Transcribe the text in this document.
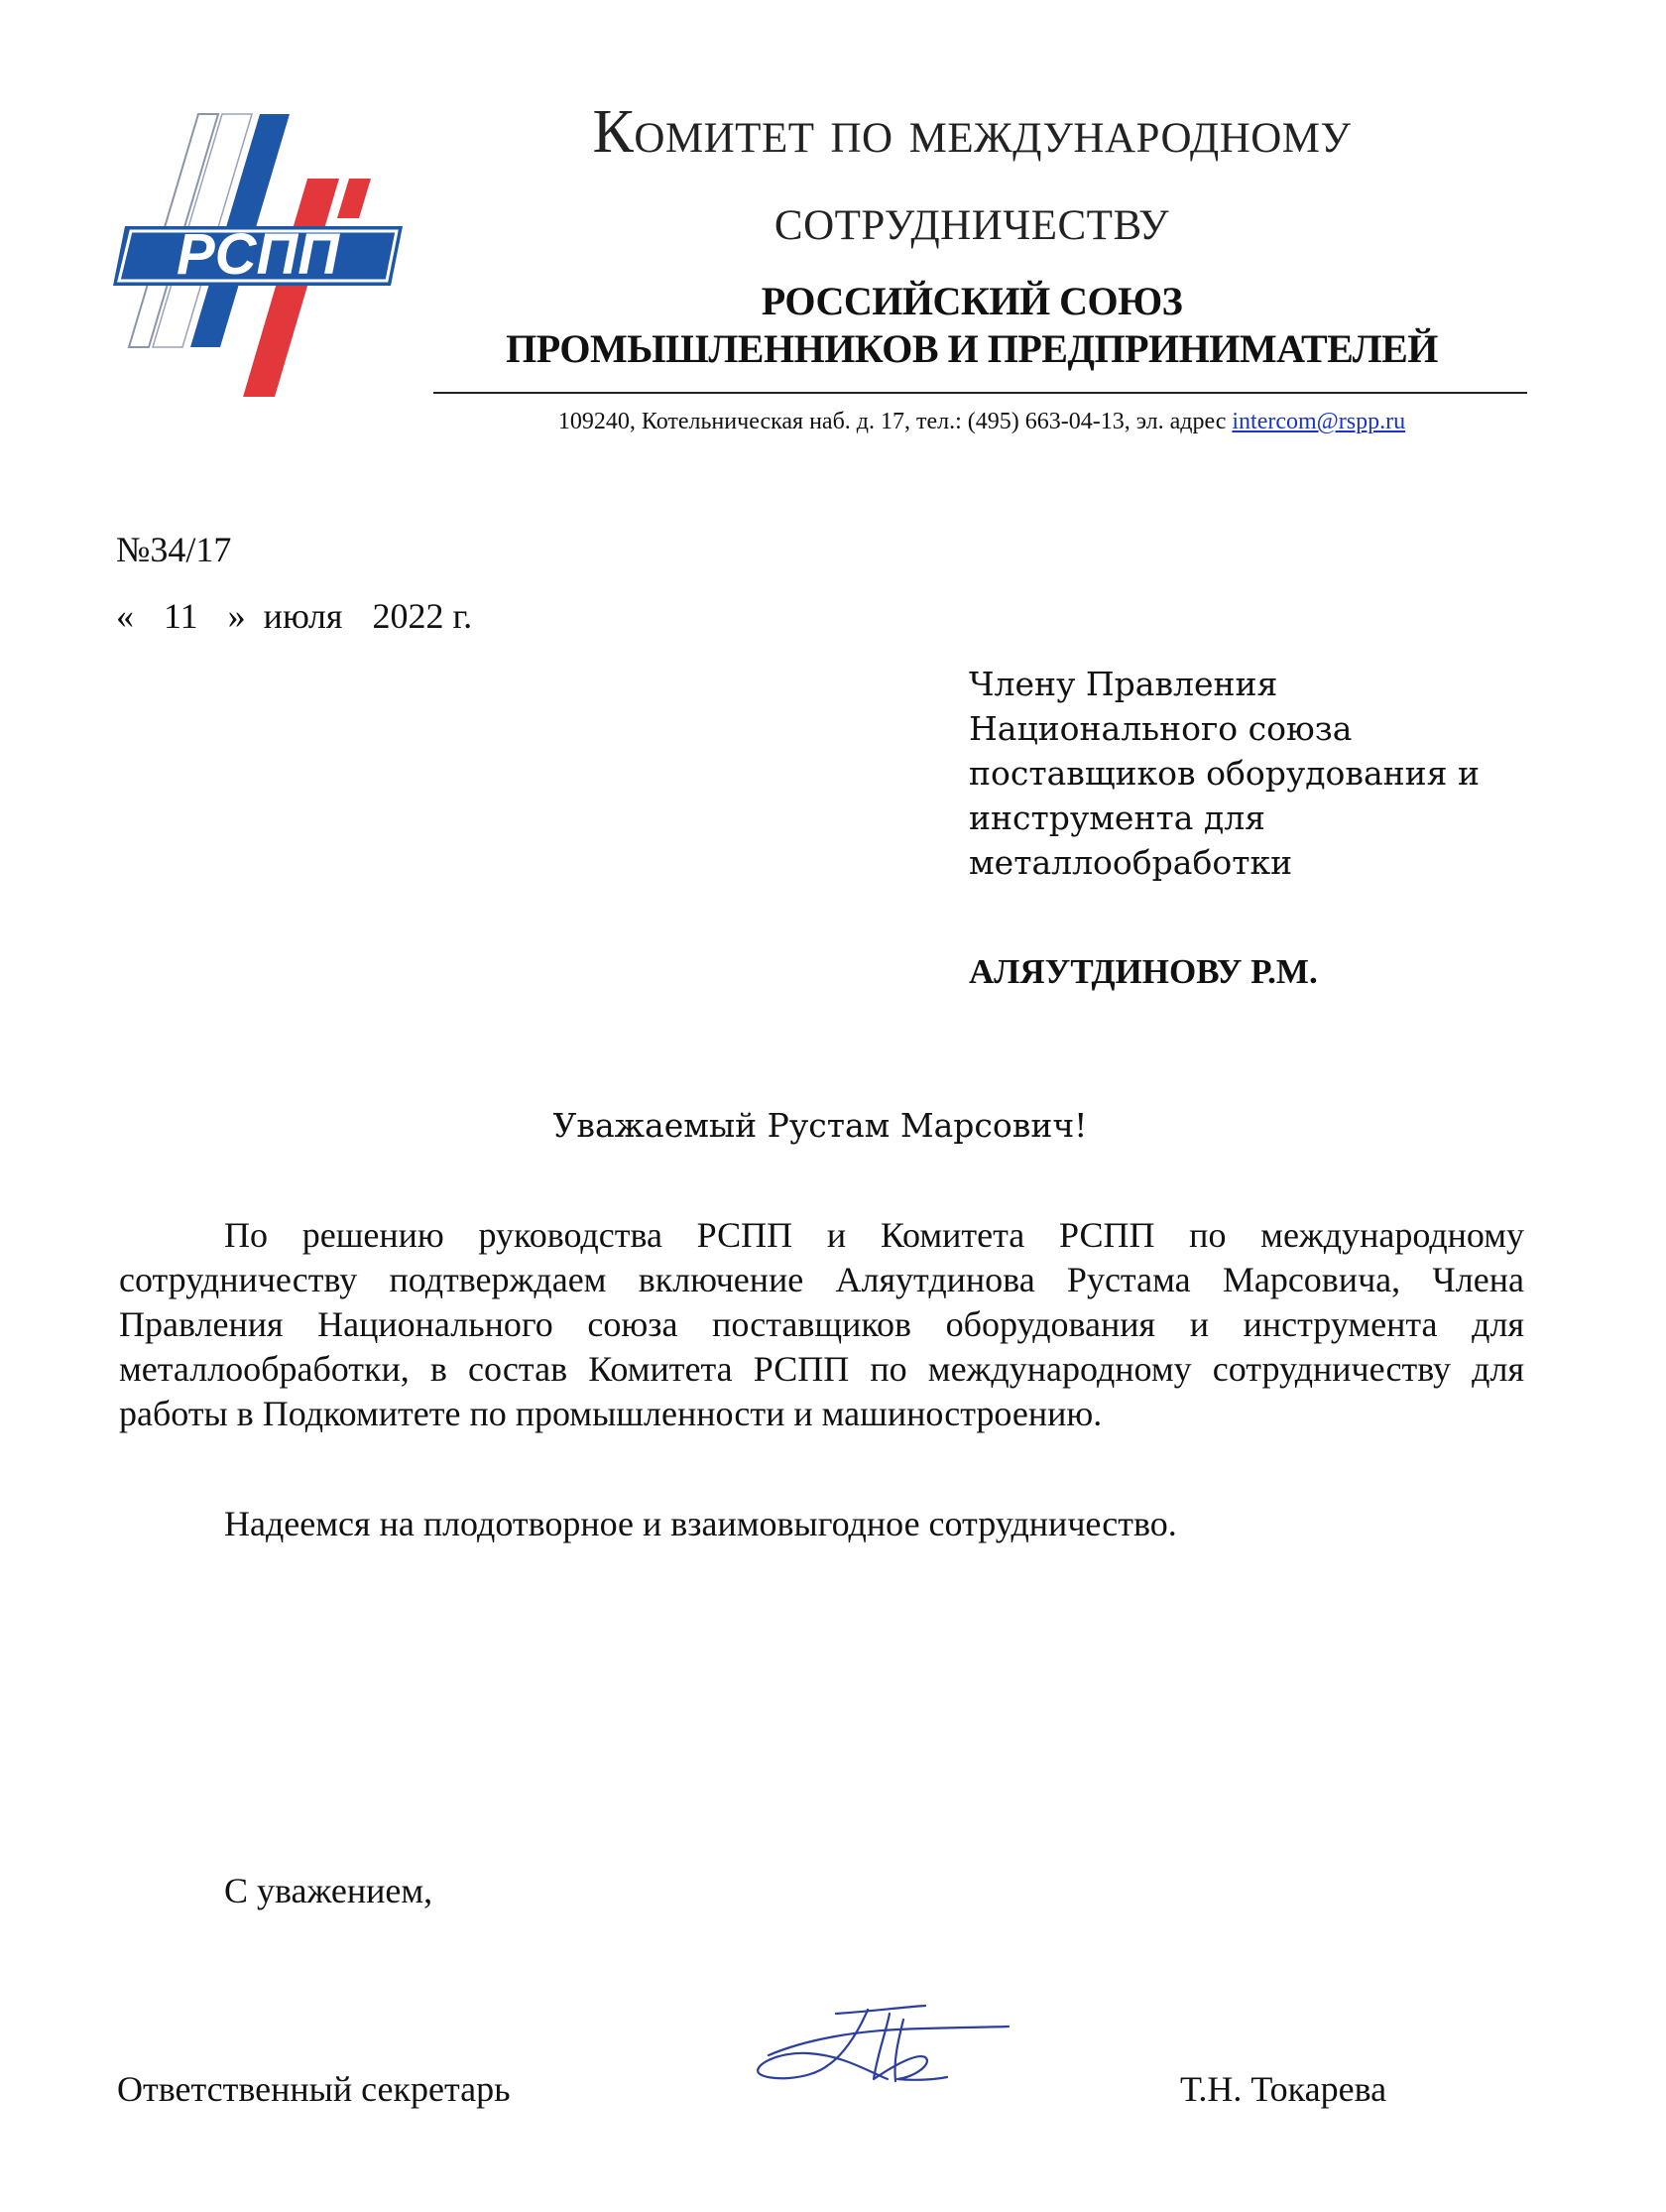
РСПП
Комитет по международному
сотрудничеству
РОССИЙСКИЙ СОЮЗ
ПРОМЫШЛЕННИКОВ И ПРЕДПРИНИМАТЕЛЕЙ
109240, Котельническая наб. д. 17, тел.: (495) 663-04-13, эл. адрес intercom@rspp.ru
№34/17
« 11 » июля 2022 г.
Члену Правления
Национального союза
поставщиков оборудования и
инструмента для
металлообработки
АЛЯУТДИНОВУ Р.М.
Уважаемый Рустам Марсович!
По решению руководства РСПП и Комитета РСПП по международному сотрудничеству подтверждаем включение Аляутдинова Рустама Марсовича, Члена Правления Национального союза поставщиков оборудования и инструмента для металлообработки, в состав Комитета РСПП по международному сотрудничеству для работы в Подкомитете по промышленности и машиностроению.
Надеемся на плодотворное и взаимовыгодное сотрудничество.
С уважением,
Ответственный секретарь	Т.Н. Токарева
